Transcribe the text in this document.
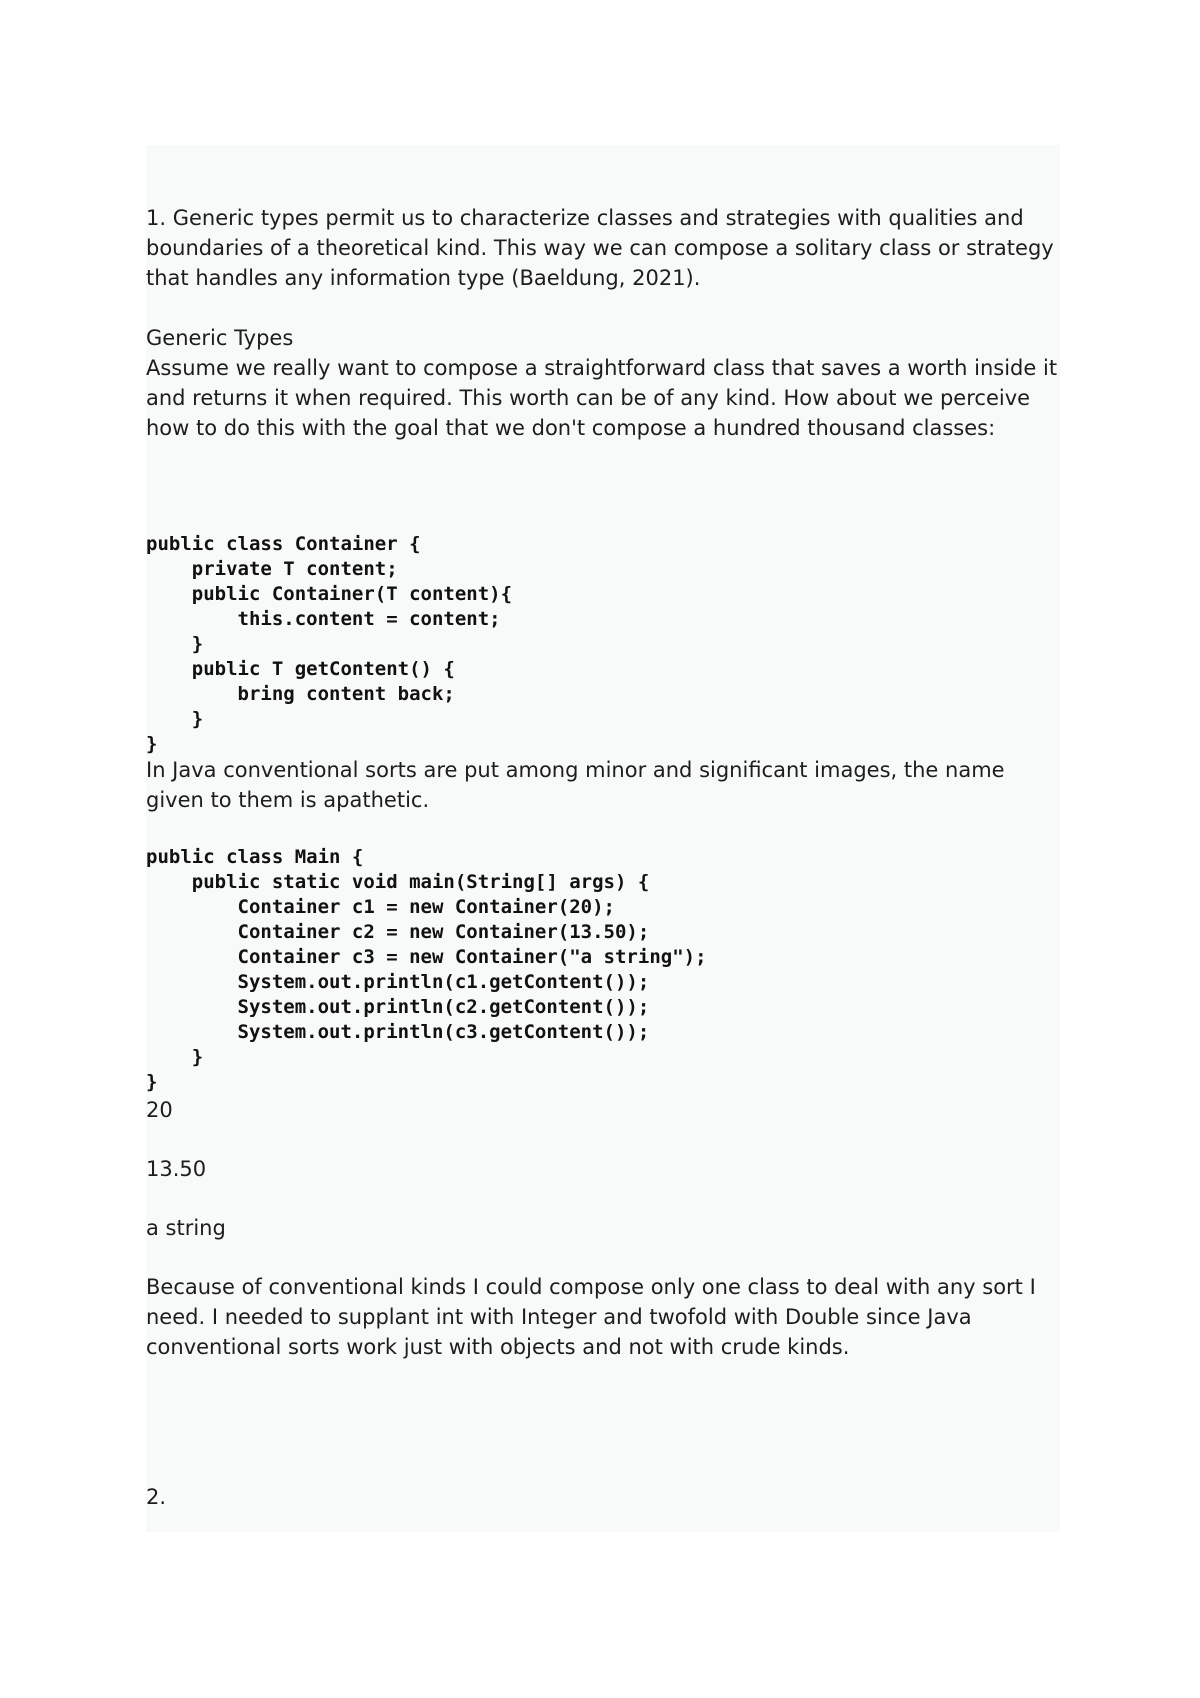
1. Generic types permit us to characterize classes and strategies with qualities and boundaries of a theoretical kind. This way we can compose a solitary class or strategy that handles any information type (Baeldung, 2021).

Generic Types

Assume we really want to compose a straightforward class that saves a worth inside it and returns it when required. This worth can be of any kind. How about we perceive how to do this with the goal that we don't compose a hundred thousand classes:

public class Container {
private T content;
public Container(T content){
this.content = content;
}
public T getContent() {
bring content back;
}
}

In Java conventional sorts are put among minor and significant images, the name given to them is apathetic.

public class Main {
public static void main(String[] args) {
Container c1 = new Container(20);
Container c2 = new Container(13.50);
Container c3 = new Container("a string");
System.out.println(c1.getContent());
System.out.println(c2.getContent());
System.out.println(c3.getContent());
}
}

20

13.50

a string

Because of conventional kinds I could compose only one class to deal with any sort I need. I needed to supplant int with Integer and twofold with Double since Java conventional sorts work just with objects and not with crude kinds.

2.
